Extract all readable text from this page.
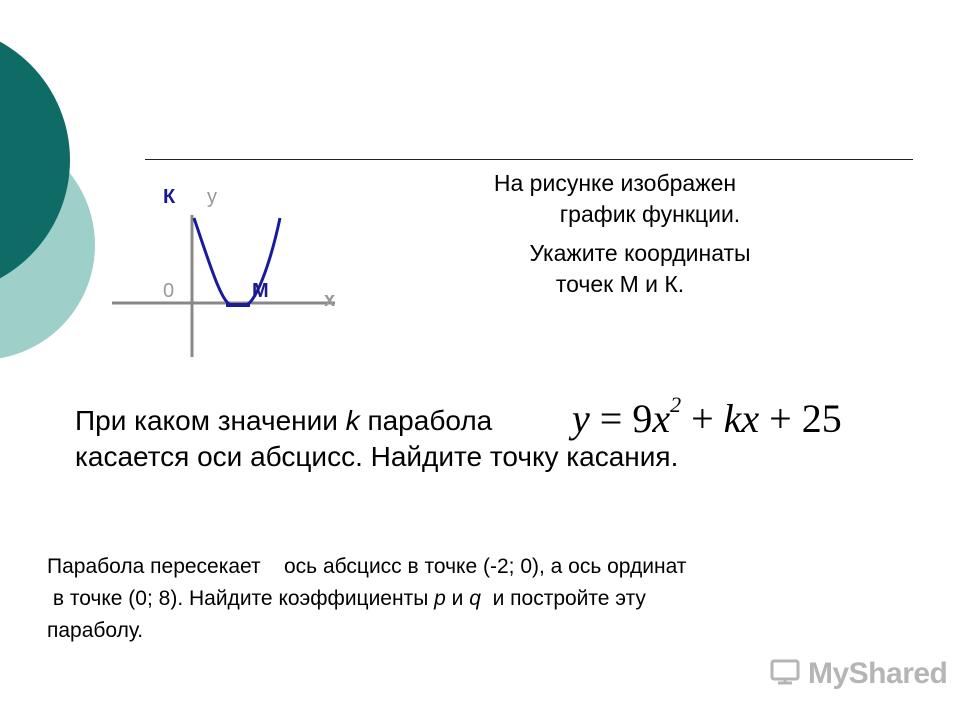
К у
0	М	х
На рисунке изображен
график функции.
Укажите координаты
точек М и К.
При каком значении k парабола
касается оси абсцисс. Найдите точку касания.
$y = 9x^2$ + kx + 25
Парабола пересекает    ось абсцисс в точке (-2; 0), а ось ординат
в точке (0; 8). Найдите коэффициенты p и q  и постройте эту
параболу.
MyShared
